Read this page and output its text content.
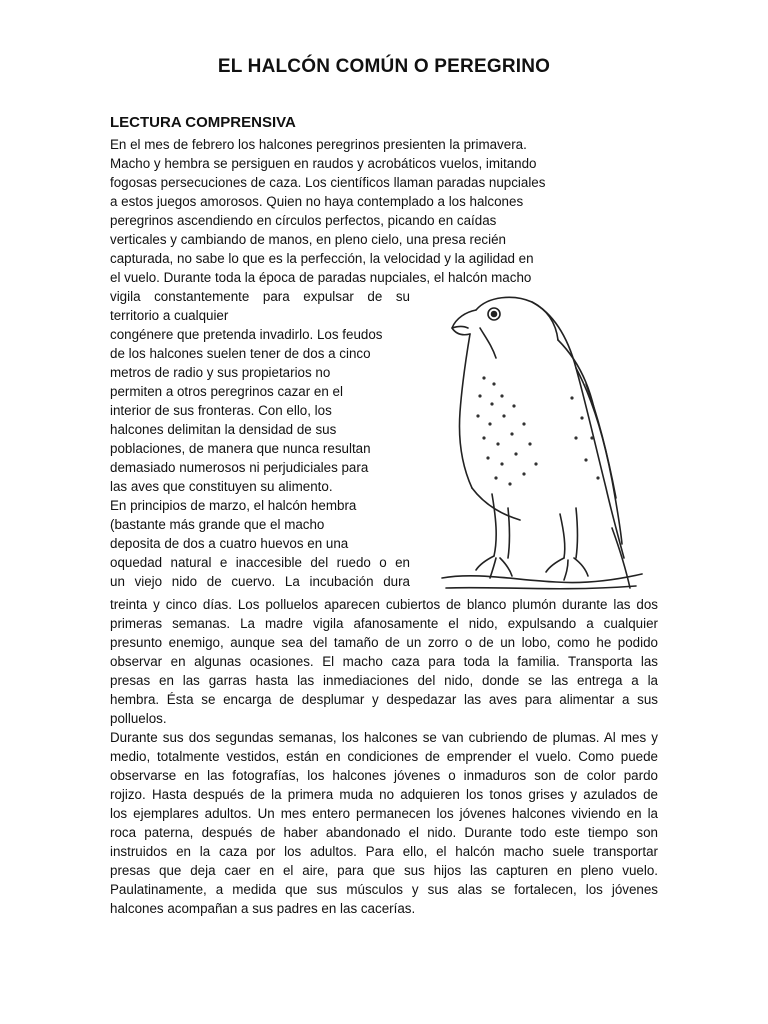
EL HALCÓN COMÚN O PEREGRINO
LECTURA COMPRENSIVA
En el mes de febrero los halcones peregrinos presienten la primavera.
Macho y hembra se persiguen en raudos y acrobáticos vuelos, imitando
fogosas persecuciones de caza. Los científicos llaman paradas nupciales
a estos juegos amorosos. Quien no haya contemplado a los halcones
peregrinos ascendiendo en círculos perfectos, picando en caídas
verticales y cambiando de manos, en pleno cielo, una presa recién
capturada, no sabe lo que es la perfección, la velocidad y la agilidad en
el vuelo. Durante toda la época de paradas nupciales, el halcón macho
vigila constantemente para expulsar de su
territorio a cualquier
congénere que pretenda invadirlo. Los feudos
de los halcones suelen tener de dos a cinco
metros de radio y sus propietarios no
permiten a otros peregrinos cazar en el
interior de sus fronteras. Con ello, los
halcones delimitan la densidad de sus
poblaciones, de manera que nunca resultan
demasiado numerosos ni perjudiciales para
las aves que constituyen su alimento.
En principios de marzo, el halcón hembra
(bastante más grande que el macho
deposita de dos a cuatro huevos en una
oquedad natural e inaccesible del ruedo o en
un viejo nido de cuervo. La incubación dura
treinta y cinco días. Los polluelos aparecen cubiertos de blanco plumón durante las dos
primeras semanas. La madre vigila afanosamente el nido, expulsando a cualquier
presunto enemigo, aunque sea del tamaño de un zorro o de un lobo, como he podido
observar en algunas ocasiones. El macho caza para toda la familia. Transporta las
presas en las garras hasta las inmediaciones del nido, donde se las entrega a la
hembra. Ésta se encarga de desplumar y despedazar las aves para alimentar a sus
polluelos.
Durante sus dos segundas semanas, los halcones se van cubriendo de plumas. Al mes y
medio, totalmente vestidos, están en condiciones de emprender el vuelo. Como puede
observarse en las fotografías, los halcones jóvenes o inmaduros son de color pardo
rojizo. Hasta después de la primera muda no adquieren los tonos grises y azulados de
los ejemplares adultos. Un mes entero permanecen los jóvenes halcones viviendo en la
roca paterna, después de haber abandonado el nido. Durante todo este tiempo son
instruidos en la caza por los adultos. Para ello, el halcón macho suele transportar
presas que deja caer en el aire, para que sus hijos las capturen en pleno vuelo.
Paulatinamente, a medida que sus músculos y sus alas se fortalecen, los jóvenes
halcones acompañan a sus padres en las cacerías.
